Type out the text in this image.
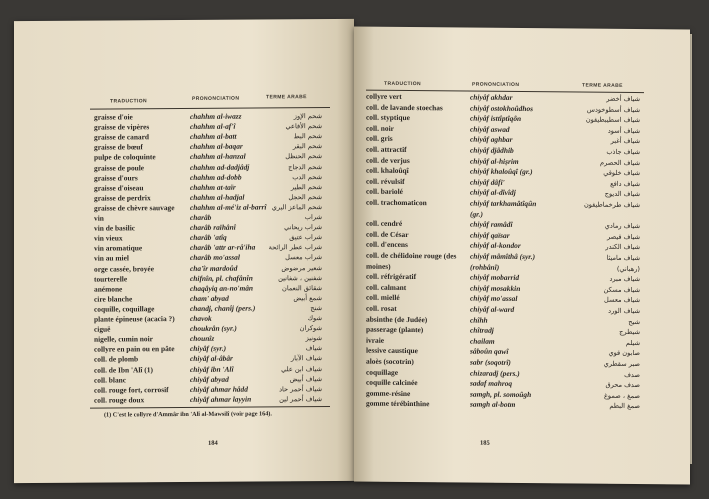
TRADUCTION	PRONONCIATION	TERME ARABE
graisse d'oie	chahhm al-iwazz	شحم الإوز
graisse de vipères	chahhm al-af'î	شحم الأفاعي
graisse de canard	chahhm al-batt	شحم البط
graisse de bœuf	chahhm al-baqar	شحم البقر
pulpe de coloquinte	chahhm al-hanzal	شحم الحنظل
graisse de poule	chahhm ad-dadjâdj	شحم الدجاج
graisse d'ours	chahhm ad-dobb	شحم الدب
graisse d'oiseau	chahhm at-taïr	شحم الطير
graisse de perdrix	chahhm al-hadjal	شحم الحجل
graisse de chèvre sauvage	chahhm al-mé'iz al-barrî شحم الماعز البري
vin	charâb	شراب
vin de basilic	charâb raïhânî	شراب ريحاني
vin vieux	charâb 'atîq	شراب عتيق
vin aromatique	charâb 'attr ar-râ'iha	شراب عطر الرائحة
vin au miel	charâb mo'assal	شراب معسل
orge cassée, broyée	cha'îr mardoûd	شعير مرضوض
tourterelle	chifnîn, pl. chafânîn	شفنين ، شفانين
anémone	chaqâyiq an-no'mân	شقائق النعمان
cire blanche	cham' abyad	شمع أبيض
coquille, coquillage	chandj, chanîj (pers.)	شنج
plante épineuse (acacia ?)	chavok	شوك
ciguë	choukrân (syr.)	شوكران
nigelle, cumin noir	chounîz	شونيز
collyre en pain ou en pâte	chiyâf (syr.)	شياف
coll. de plomb	chiyâf al-âbâr	شياف الآبار
coll. de Ibn 'Alî (1)	chiyâf ibn 'Alî	شياف ابن علي
coll. blanc	chiyâf abyad	شياف أبيض
coll. rouge fort, corrosif	chiyâf ahmar hâdd	شياف أحمر حاد
coll. rouge doux	chiyâf ahmar layyin	شياف أحمر لين
(1) C'est le collyre d'Ammâr ibn 'Alî al-Mawsilî (voir page 164).
184
TRADUCTION	PRONONCIATION	TERME ARABE
collyre vert	chiyâf akhdar	شياف أخضر
coll. de lavande stoechas	chiyâf ostokhoûdhos	شياف أسطوخودس
coll. styptique	chiyâf isttîptîqôn	شياف اسطيبطيقون
coll. noir	chiyâf aswad	شياف أسود
coll. gris	chiyâf aghbar	شياف أغبر
coll. attractif	chiyâf djâdhib	شياف جاذب
coll. de verjus	chiyâf al-hiṣrim	شياف الحصرم
coll. khaloûqî	chiyâf khaloûqî (gr.)	شياف خلوقي
coll. révulsif	chiyâf dâfi'	شياف دافع
coll. bariolé	chiyâf al-dîvîdj	شياف الديوج
coll. trachomaticon	chiyâf tarkhamâtîqûn	شياف طرخماطيقون
(gr.)
coll. cendré	chiyâf ramâdî	شياف رمادي
coll. de César	chiyâf qaïsar	شياف قيصر
coll. d'encens	chiyâf al-kondor	شياف الكندر
coll. de chélidoine rouge (des	chiyâf mâmîthâ (syr.)	شياف ماميثا
moines)	(rohbânî)	(رهباني)
coll. réfrigératif	chiyâf mobarrid	شياف مبرد
coll. calmant	chiyâf mosakkin	شياف مسكن
coll. miellé	chiyâf mo'assal	شياف معسل
coll. rosat	chiyâf al-ward	شياف الورد
absinthe (de Judée)	chîhh	شيح
passerage (plante)	chîtradj	شيطرج
ivraie	chailam	شيلم
lessive caustique	sâboûn qawî	صابون قوي
aloès (socotrin)	sabr (soqotrî)	صبر سقطري
coquillage	chizaradj (pers.)	صدف
coquille calcinée	sadaf mahroq	صدف محرق
gomme-résine	samgh, pl. somoûgh	صمغ ، صموغ
gomme térébinthine	samgh al-botm	صمغ البطم
185
